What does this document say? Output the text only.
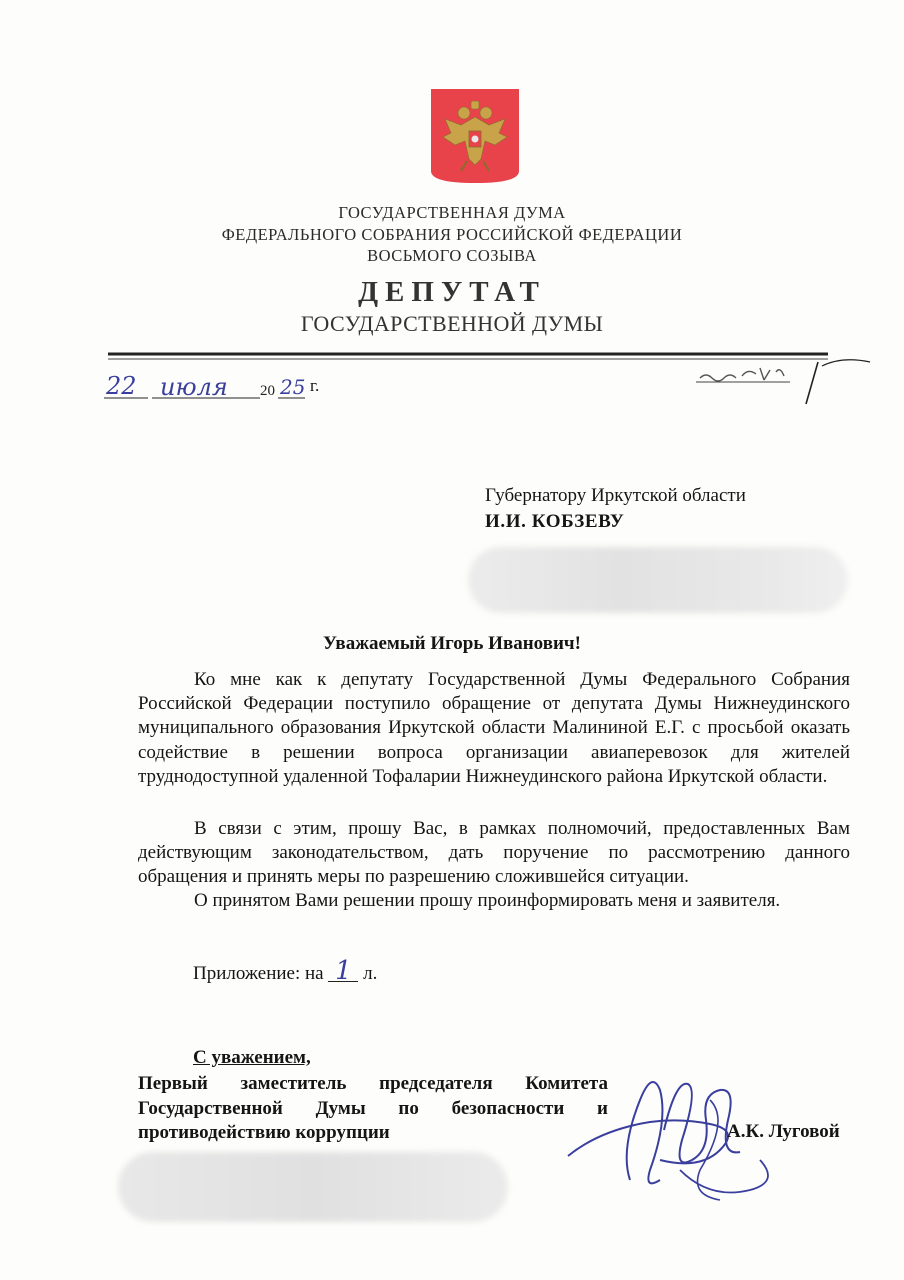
ГОСУДАРСТВЕННАЯ ДУМА
ФЕДЕРАЛЬНОГО СОБРАНИЯ РОССИЙСКОЙ ФЕДЕРАЦИИ
ВОСЬМОГО СОЗЫВА
ДЕПУТАТ
ГОСУДАРСТВЕННОЙ ДУМЫ
22 июля 20 25 г.
Губернатору Иркутской области
И.И. КОБЗЕВУ
Уважаемый Игорь Иванович!

Ко мне как к депутату Государственной Думы Федерального Собрания Российской Федерации поступило обращение от депутата Думы Нижнеудинского муниципального образования Иркутской области Малининой Е.Г. с просьбой оказать содействие в решении вопроса организации авиаперевозок для жителей труднодоступной удаленной Тофаларии Нижнеудинского района Иркутской области.

В связи с этим, прошу Вас, в рамках полномочий, предоставленных Вам действующим законодательством, дать поручение по рассмотрению данного обращения и принять меры по разрешению сложившейся ситуации.

О принятом Вами решении прошу проинформировать меня и заявителя.

Приложение: на 1 л.
С уважением,
Первый заместитель председателя Комитета
Государственной Думы по безопасности и
противодействию коррупции	А.К. Луговой
